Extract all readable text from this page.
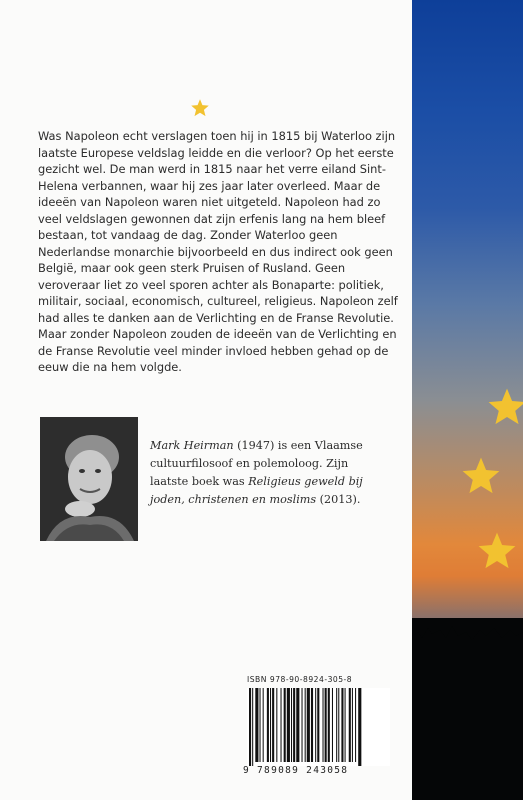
Was Napoleon echt verslagen toen hij in 1815 bij Waterloo zijn laatste Europese veldslag leidde en die verloor? Op het eerste gezicht wel. De man werd in 1815 naar het verre eiland Sint-Helena verbannen, waar hij zes jaar later overleed. Maar de ideeën van Napoleon waren niet uitgeteld. Napoleon had zo veel veldslagen gewonnen dat zijn erfenis lang na hem bleef bestaan, tot vandaag de dag. Zonder Waterloo geen Nederlandse monarchie bijvoorbeeld en dus indirect ook geen België, maar ook geen sterk Pruisen of Rusland. Geen veroveraar liet zo veel sporen achter als Bonaparte: politiek, militair, sociaal, economisch, cultureel, religieus. Napoleon zelf had alles te danken aan de Verlichting en de Franse Revolutie. Maar zonder Napoleon zouden de ideeën van de Verlichting en de Franse Revolutie veel minder invloed hebben gehad op de eeuw die na hem volgde.

Mark Heirman (1947) is een Vlaamse cultuurfilosoof en polemoloog. Zijn laatste boek was Religieus geweld bij joden, christenen en moslims (2013).

ISBN 978-90-8924-305-8
9 789089 243058
